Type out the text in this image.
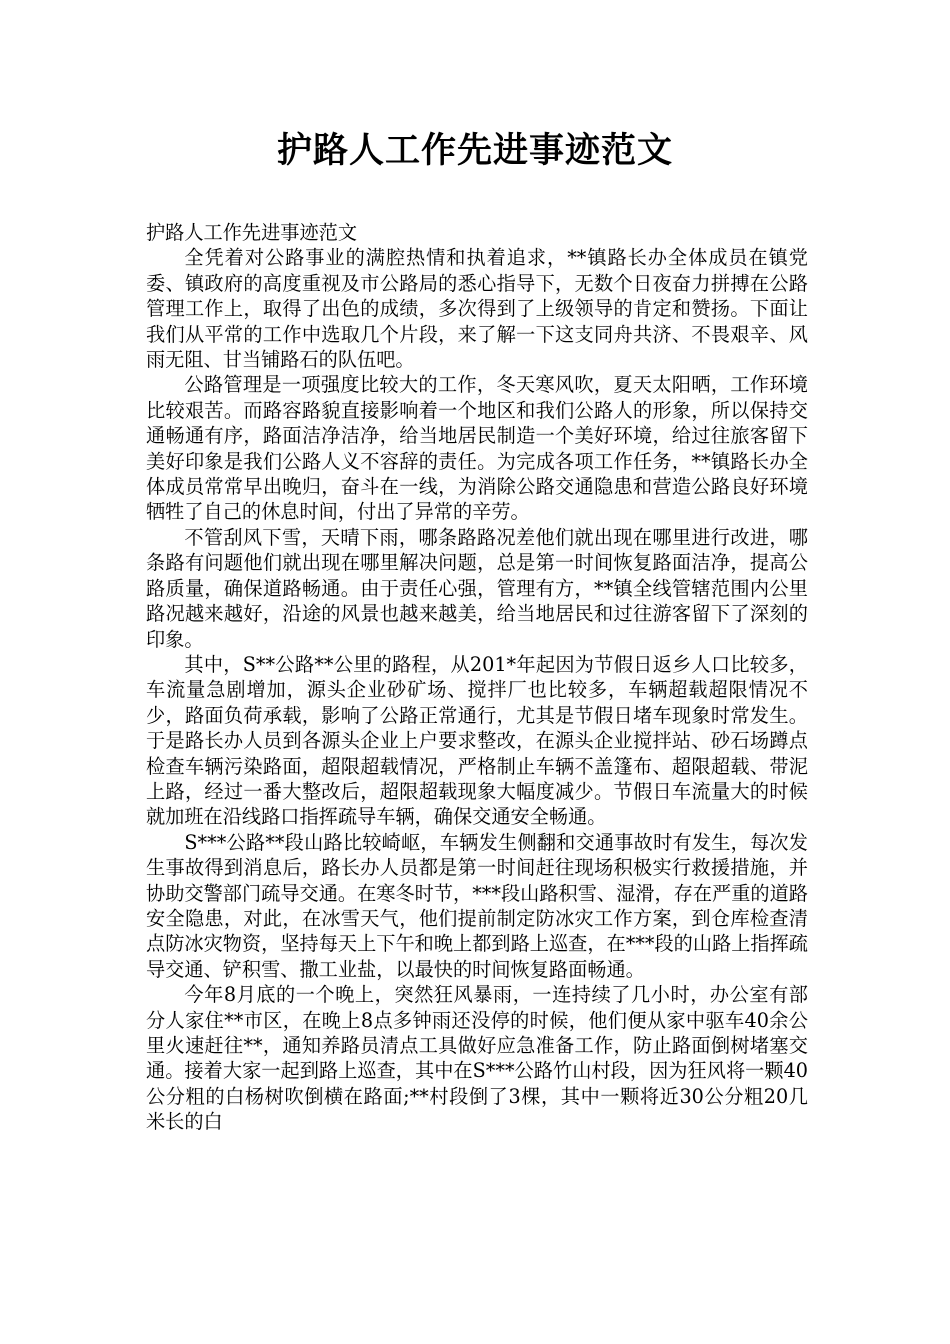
护路人工作先进事迹范文

护路人工作先进事迹范文

全凭着对公路事业的满腔热情和执着追求，**镇路长办全体成员在镇党委、镇政府的高度重视及市公路局的悉心指导下，无数个日夜奋力拼搏在公路管理工作上，取得了出色的成绩，多次得到了上级领导的肯定和赞扬。下面让我们从平常的工作中选取几个片段，来了解一下这支同舟共济、不畏艰辛、风雨无阻、甘当铺路石的队伍吧。

公路管理是一项强度比较大的工作，冬天寒风吹，夏天太阳晒，工作环境比较艰苦。而路容路貌直接影响着一个地区和我们公路人的形象，所以保持交通畅通有序，路面洁净洁净，给当地居民制造一个美好环境，给过往旅客留下美好印象是我们公路人义不容辞的责任。为完成各项工作任务，**镇路长办全体成员常常早出晚归，奋斗在一线，为消除公路交通隐患和营造公路良好环境牺牲了自己的休息时间，付出了异常的辛劳。

不管刮风下雪，天晴下雨，哪条路路况差他们就出现在哪里进行改进，哪条路有问题他们就出现在哪里解决问题，总是第一时间恢复路面洁净，提高公路质量，确保道路畅通。由于责任心强，管理有方，**镇全线管辖范围内公里路况越来越好，沿途的风景也越来越美，给当地居民和过往游客留下了深刻的印象。

其中，S**公路**公里的路程，从201*年起因为节假日返乡人口比较多，车流量急剧增加，源头企业砂矿场、搅拌厂也比较多，车辆超载超限情况不少，路面负荷承载，影响了公路正常通行，尤其是节假日堵车现象时常发生。于是路长办人员到各源头企业上户要求整改，在源头企业搅拌站、砂石场蹲点检查车辆污染路面，超限超载情况，严格制止车辆不盖篷布、超限超载、带泥上路，经过一番大整改后，超限超载现象大幅度减少。节假日车流量大的时候就加班在沿线路口指挥疏导车辆，确保交通安全畅通。

S***公路**段山路比较崎岖，车辆发生侧翻和交通事故时有发生，每次发生事故得到消息后，路长办人员都是第一时间赶往现场积极实行救援措施，并协助交警部门疏导交通。在寒冬时节，***段山路积雪、湿滑，存在严重的道路安全隐患，对此，在冰雪天气，他们提前制定防冰灾工作方案，到仓库检查清点防冰灾物资，坚持每天上下午和晚上都到路上巡查，在***段的山路上指挥疏导交通、铲积雪、撒工业盐，以最快的时间恢复路面畅通。

今年8月底的一个晚上，突然狂风暴雨，一连持续了几小时，办公室有部分人家住**市区，在晚上8点多钟雨还没停的时候，他们便从家中驱车40余公里火速赶往**，通知养路员清点工具做好应急准备工作，防止路面倒树堵塞交通。接着大家一起到路上巡查，其中在S***公路竹山村段，因为狂风将一颗40公分粗的白杨树吹倒横在路面;**村段倒了3棵，其中一颗将近30公分粗20几米长的白
